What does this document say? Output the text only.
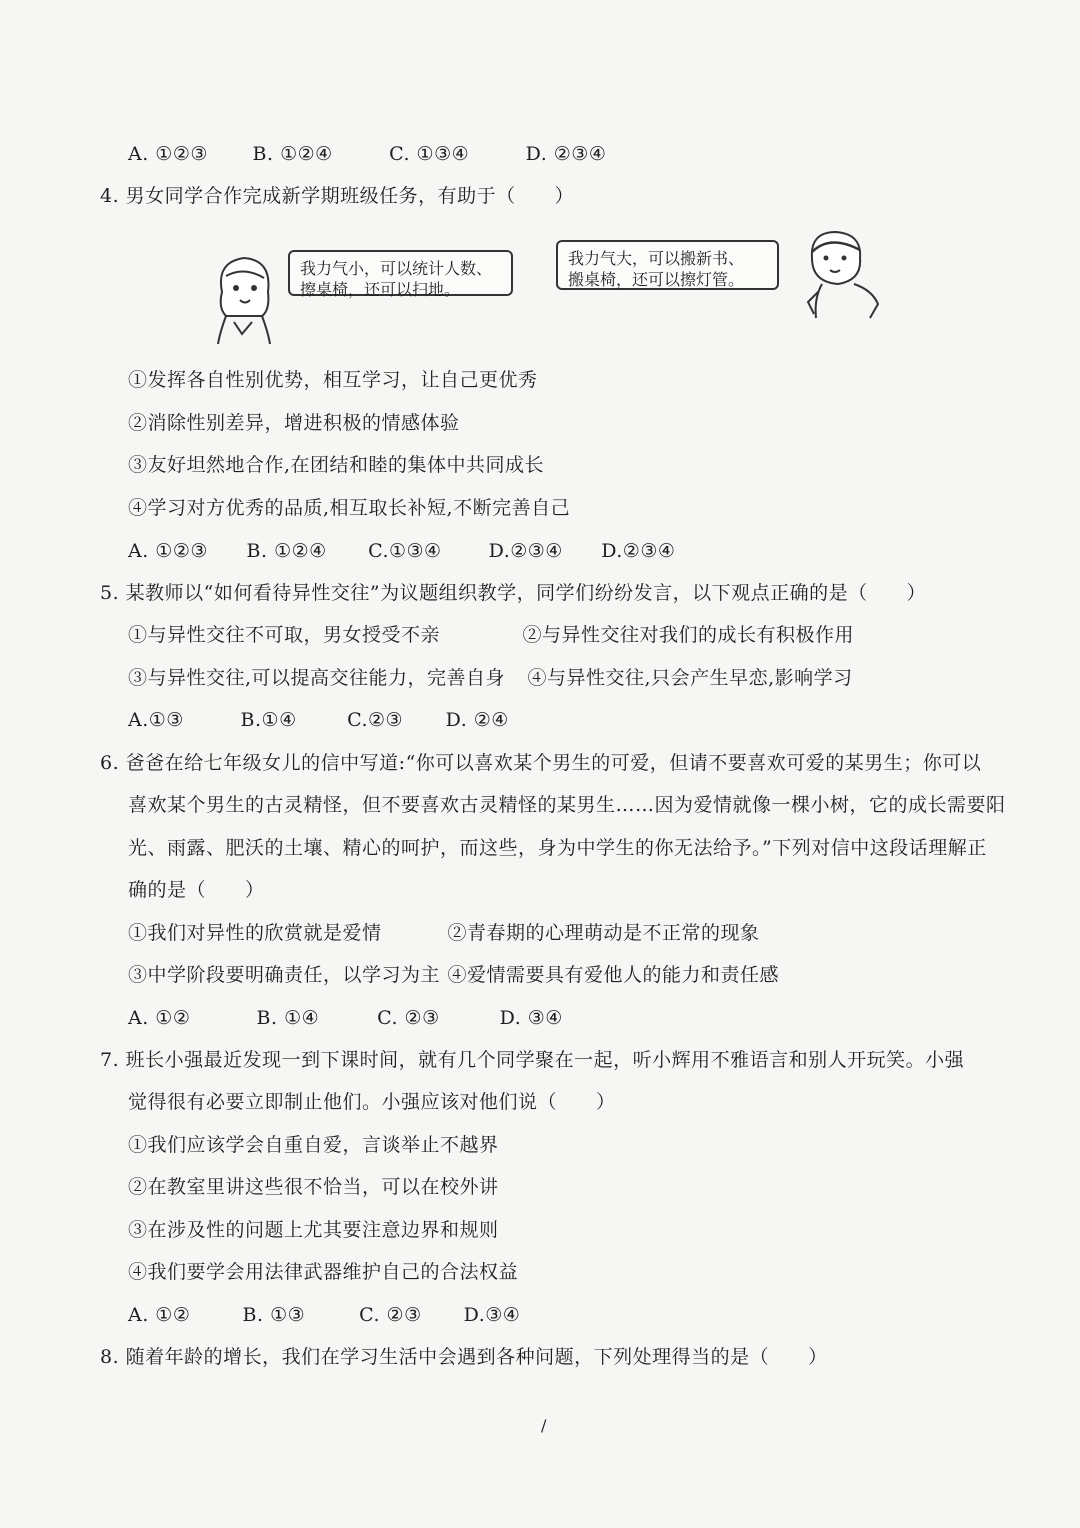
A. ①②③ B. ①②④	C. ①③④	D. ②③④
4. 男女同学合作完成新学期班级任务，有助于（　　）
我力气小，可以统计人数、
擦桌椅，还可以扫地。
我力气大，可以搬新书、
搬桌椅，还可以擦灯管。
①发挥各自性别优势，相互学习，让自己更优秀
②消除性别差异，增进积极的情感体验
③友好坦然地合作,在团结和睦的集体中共同成长
④学习对方优秀的品质,相互取长补短,不断完善自己
A. ①②③ B. ①②④ C.①③④ D.②③④ D.②③④
5. 某教师以“如何看待异性交往”为议题组织教学，同学们纷纷发言，以下观点正确的是（　　）
①与异性交往不可取，男女授受不亲	②与异性交往对我们的成长有积极作用
③与异性交往,可以提高交往能力，完善自身 ④与异性交往,只会产生早恋,影响学习
A.①③	B.①④	C.②③ D. ②④
6. 爸爸在给七年级女儿的信中写道:“你可以喜欢某个男生的可爱，但请不要喜欢可爱的某男生；你可以
喜欢某个男生的古灵精怪，但不要喜欢古灵精怪的某男生……因为爱情就像一棵小树，它的成长需要阳
光、雨露、肥沃的土壤、精心的呵护，而这些，身为中学生的你无法给予。”下列对信中这段话理解正
确的是（　　）
①我们对异性的欣赏就是爱情	②青春期的心理萌动是不正常的现象
③中学阶段要明确责任，以学习为主 ④爱情需要具有爱他人的能力和责任感
A. ①②	B. ①④	C. ②③	D. ③④
7. 班长小强最近发现一到下课时间，就有几个同学聚在一起，听小辉用不雅语言和别人开玩笑。小强
觉得很有必要立即制止他们。小强应该对他们说（　　）
①我们应该学会自重自爱，言谈举止不越界
②在教室里讲这些很不恰当，可以在校外讲
③在涉及性的问题上尤其要注意边界和规则
④我们要学会用法律武器维护自己的合法权益
A. ①②	B. ①③	C. ②③ D.③④
8. 随着年龄的增长，我们在学习生活中会遇到各种问题，下列处理得当的是（　　）
/
